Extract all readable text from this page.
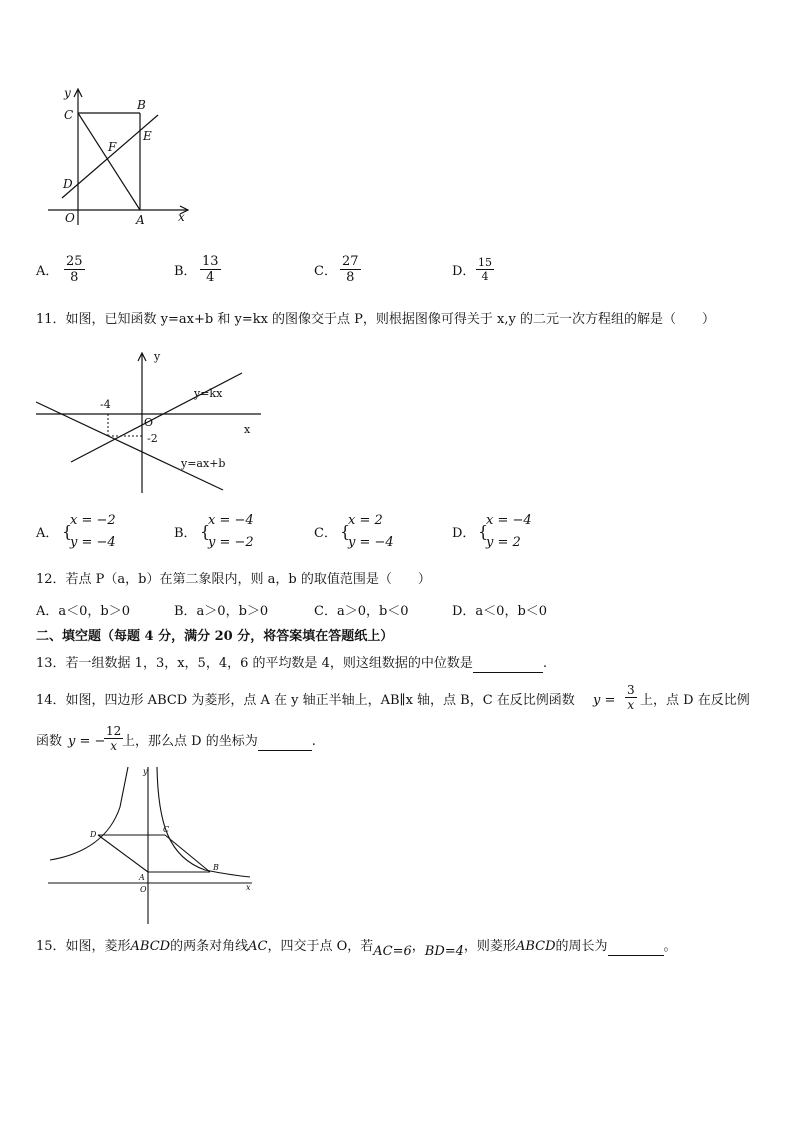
y
x
C
B
E
F
D
O	A
A．
25
8	B．
13
4	C．
27
8	D．
15
4
11．如图，已知函数 y=ax+b 和 y=kx 的图像交于点 P，则根据图像可得关于 x,y 的二元一次方程组的解是（　　）
y
x
O
-4
-2
y=kx
y=ax+b
A． {
x = −2
y = −4
B． {
x = −4
y = −2
C． {
x = 2
y = −4
D． {
x = −4
y = 2
12．若点 P（a，b）在第二象限内，则 a，b 的取值范围是（　　）
A．a＜0，b＞0	B．a＞0，b＞0	C．a＞0，b＜0	D．a＜0，b＜0
二、填空题（每题 4 分，满分 20 分，将答案填在答题纸上）
13．若一组数据 1，3，x，5，4，6 的平均数是 4，则这组数据的中位数是	.
14．如图，四边形 ABCD 为菱形，点 A 在 y 轴正半轴上，AB∥x 轴，点 B，C 在反比例函数 y =
3
x 上，点 D 在反比例
函数 y = −
12
x 上，那么点 D 的坐标为	.
y
x
O
A
B
C
D
15．如图，菱形ABCD的两条对角线AC，四交于点 O，若AC=6，BD=4，则菱形ABCD的周长为	。
